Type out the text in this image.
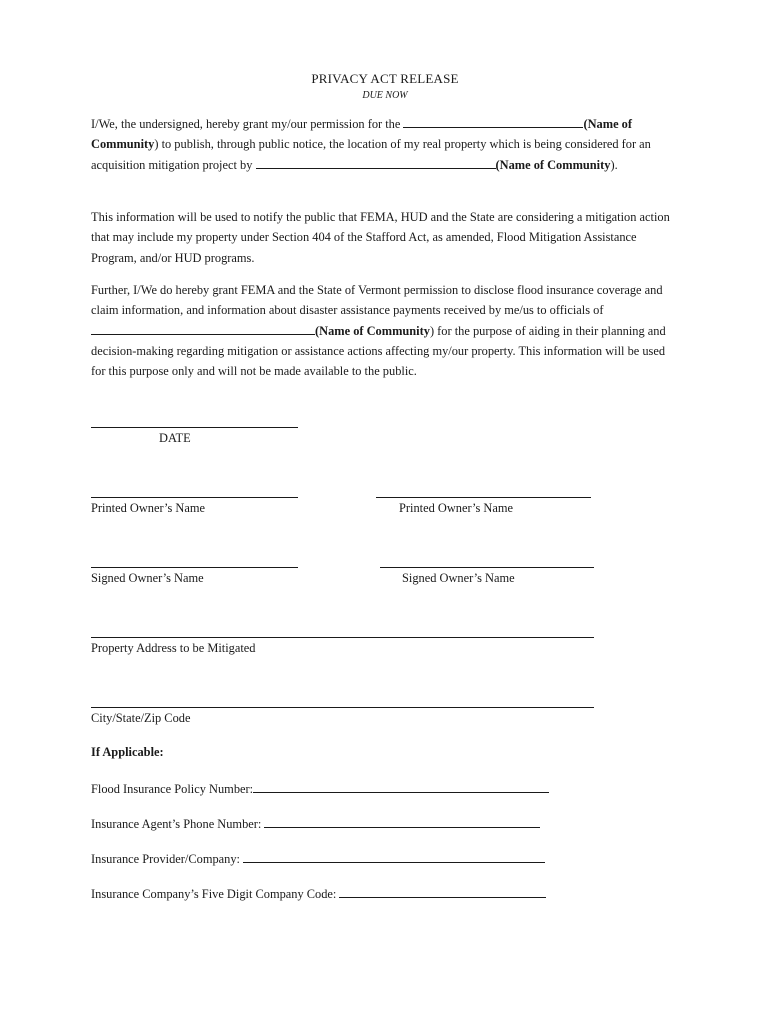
PRIVACY ACT RELEASE
DUE NOW

I/We, the undersigned, hereby grant my/our permission for the	(Name of Community) to publish, through public notice, the location of my real property which is being considered for an acquisition mitigation project by	(Name of Community).

This information will be used to notify the public that FEMA, HUD and the State are considering a mitigation action that may include my property under Section 404 of the Stafford Act, as amended, Flood Mitigation Assistance Program, and/or HUD programs.

Further, I/We do hereby grant FEMA and the State of Vermont permission to disclose flood insurance coverage and claim information, and information about disaster assistance payments received by me/us to officials of (Name of Community) for the purpose of aiding in their planning and decision-making regarding mitigation or assistance actions affecting my/our property. This information will be used for this purpose only and will not be made available to the public.

DATE
Printed Owner’s Name	Printed Owner’s Name
Signed Owner’s Name	Signed Owner’s Name
Property Address to be Mitigated
City/State/Zip Code
If Applicable:
Flood Insurance Policy Number:
Insurance Agent’s Phone Number:
Insurance Provider/Company:
Insurance Company’s Five Digit Company Code:
